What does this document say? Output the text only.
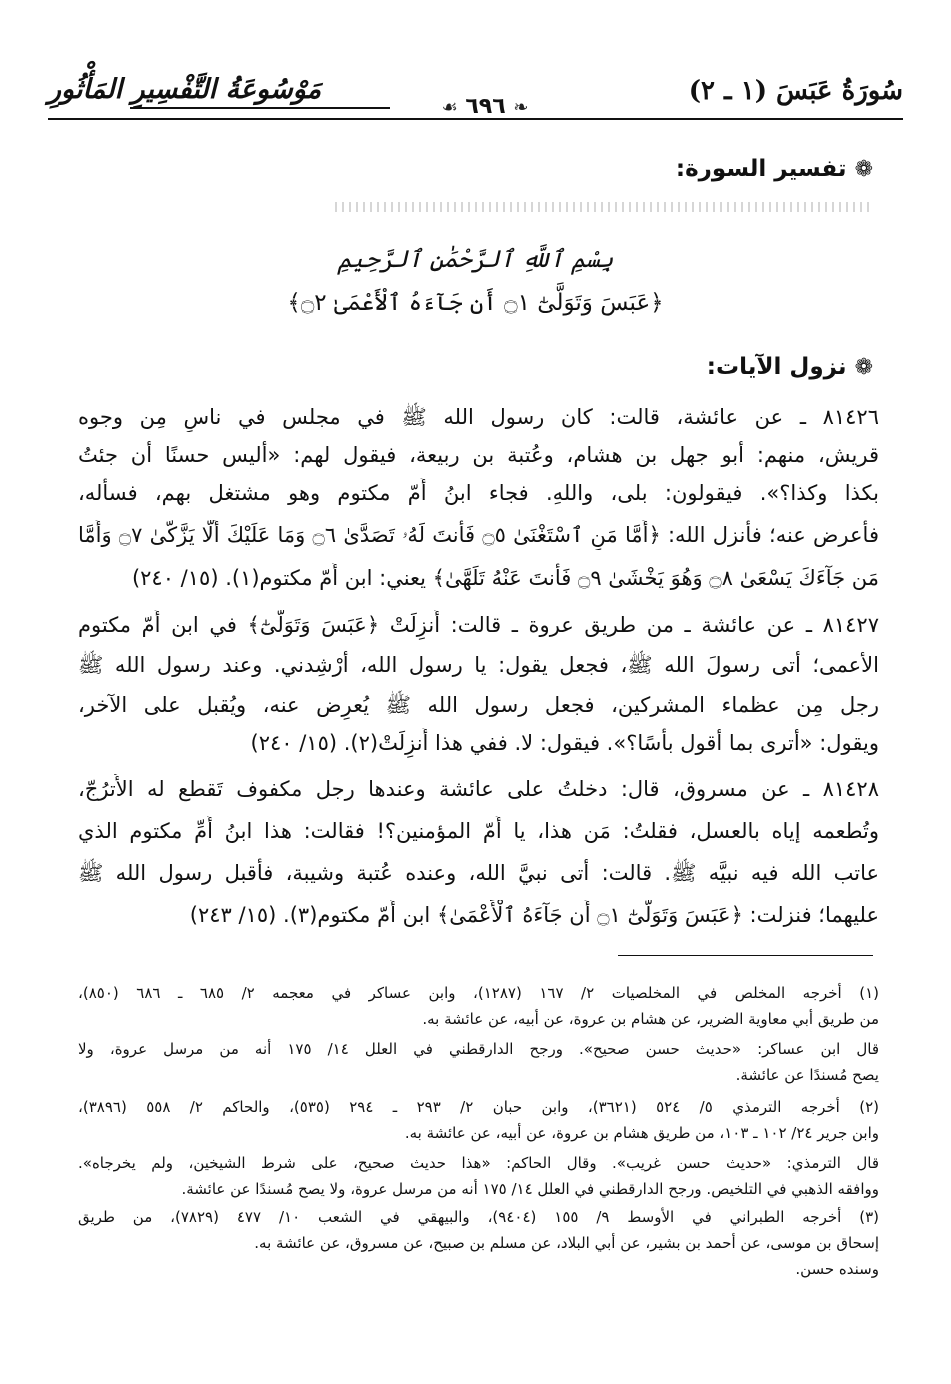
سُورَةُ عَبَسَ (١ ـ ٢)
مَوْسُوعَةُ التَّفْسِيرِ المَأْثُورِ
❧ ٦٩٦ ☙
❁تفسير السورة:
بِسْمِ ٱللَّهِ ٱلرَّحْمَٰنِ ٱلرَّحِيمِ
﴿عَبَسَ وَتَوَلَّىٰٓ ۝١ أَن جَآءَهُ ٱلْأَعْمَىٰ ۝٢﴾
❁نزول الآيات:
٨١٤٢٦ ـ عن عائشة، قالت: كان رسول الله ﷺ في مجلس في ناسٍ مِن وجوه
قريش، منهم: أبو جهل بن هشام، وعُتبة بن ربيعة، فيقول لهم: «أليس حسنًا أن جئتُ
بكذا وكذا؟». فيقولون: بلى، واللهِ. فجاء ابنُ أُمّ مكتوم وهو مشتغل بهم، فسأله،
فأعرض عنه؛ فأنزل الله: ﴿أَمَّا مَنِ ٱسْتَغْنَىٰ ۝٥ فَأَنتَ لَهُۥ تَصَدَّىٰ ۝٦ وَمَا عَلَيْكَ أَلَّا يَزَّكَّىٰ ۝٧ وَأَمَّا
مَن جَآءَكَ يَسْعَىٰ ۝٨ وَهُوَ يَخْشَىٰ ۝٩ فَأَنتَ عَنْهُ تَلَهَّىٰ﴾ يعني: ابن أُمّ مكتوم(١). (١٥/ ٢٤٠)
٨١٤٢٧ ـ عن عائشة ـ من طريق عروة ـ قالت: أُنزِلَتْ ﴿عَبَسَ وَتَوَلَّىٰٓ﴾ في ابن أُمّ مكتوم
الأعمى؛ أتى رسولَ الله ﷺ، فجعل يقول: يا رسول الله، أرْشِدني. وعند رسول الله ﷺ
رجل مِن عظماء المشركين، فجعل رسول الله ﷺ يُعرِض عنه، ويُقبل على الآخر،
ويقول: «أترى بما أقول بأسًا؟». فيقول: لا. ففي هذا أُنزِلَتْ(٢). (١٥/ ٢٤٠)
٨١٤٢٨ ـ عن مسروق، قال: دخلتُ على عائشة وعندها رجل مكفوف تَقطع له الأُترُجّ،
وتُطعمه إياه بالعسل، فقلتُ: مَن هذا، يا أُمّ المؤمنين؟! فقالت: هذا ابنُ أُمِّ مكتوم الذي
عاتب الله فيه نبيَّه ﷺ. قالت: أتى نبيَّ الله، وعنده عُتبة وشيبة، فأقبل رسول الله ﷺ
عليهما؛ فنزلت: ﴿عَبَسَ وَتَوَلَّىٰٓ ۝١ أَن جَآءَهُ ٱلْأَعْمَىٰ﴾ ابن أُمّ مكتوم(٣). (١٥/ ٢٤٣)
(١) أخرجه المخلص في المخلصيات ٢/ ١٦٧ (١٢٨٧)، وابن عساكر في معجمه ٢/ ٦٨٥ ـ ٦٨٦ (٨٥٠)،
من طريق أبي معاوية الضرير، عن هشام بن عروة، عن أبيه، عن عائشة به.
قال ابن عساكر: «حديث حسن صحيح». ورجح الدارقطني في العلل ١٤/ ١٧٥ أنه من مرسل عروة، ولا
يصح مُسندًا عن عائشة.
(٢) أخرجه الترمذي ٥/ ٥٢٤ (٣٦٢١)، وابن حبان ٢/ ٢٩٣ ـ ٢٩٤ (٥٣٥)، والحاكم ٢/ ٥٥٨ (٣٨٩٦)،
وابن جرير ٢٤/ ١٠٢ ـ ١٠٣، من طريق هشام بن عروة، عن أبيه، عن عائشة به.
قال الترمذي: «حديث حسن غريب». وقال الحاكم: «هذا حديث صحيح، على شرط الشيخين، ولم يخرجاه».
ووافقه الذهبي في التلخيص. ورجح الدارقطني في العلل ١٤/ ١٧٥ أنه من مرسل عروة، ولا يصح مُسندًا عن عائشة.
(٣) أخرجه الطبراني في الأوسط ٩/ ١٥٥ (٩٤٠٤)، والبيهقي في الشعب ١٠/ ٤٧٧ (٧٨٢٩)، من طريق
إسحاق بن موسى، عن أحمد بن بشير، عن أبي البلاد، عن مسلم بن صبيح، عن مسروق، عن عائشة به.
وسنده حسن.
